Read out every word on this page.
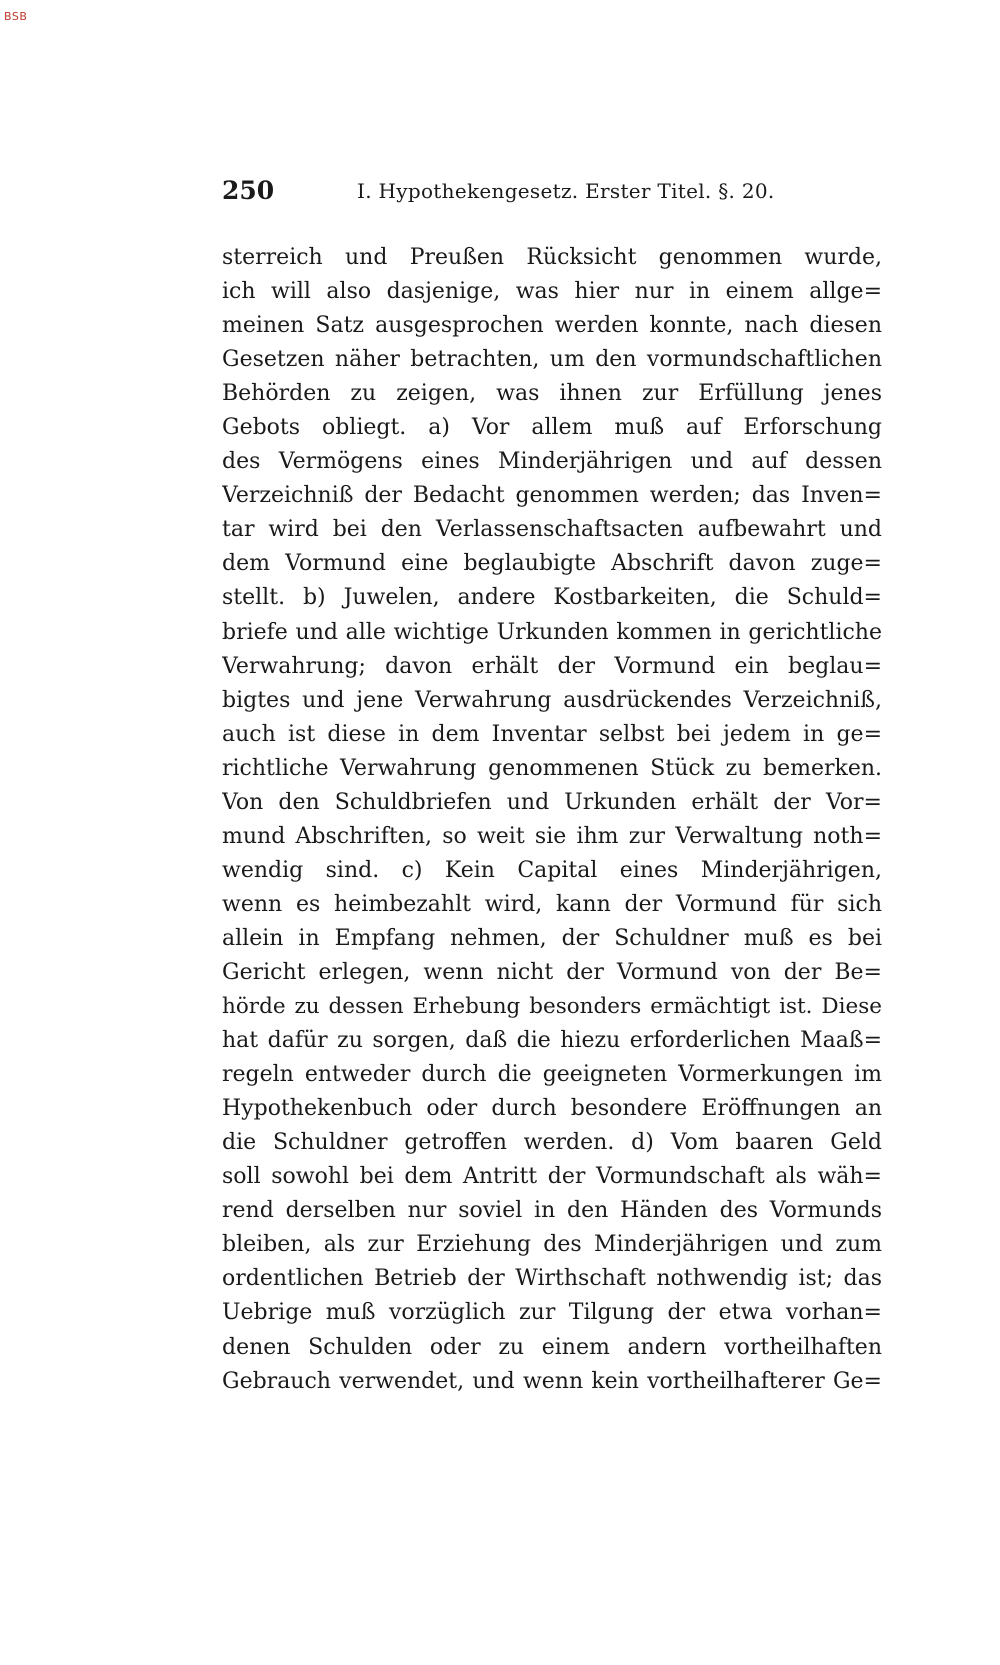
BSB
250	I. Hypothekengesetz. Erster Titel. §. 20.
sterreich und Preußen Rücksicht genommen wurde,
ich will also dasjenige, was hier nur in einem allge=
meinen Satz ausgesprochen werden konnte, nach diesen
Gesetzen näher betrachten, um den vormundschaftlichen
Behörden zu zeigen, was ihnen zur Erfüllung jenes
Gebots obliegt. a) Vor allem muß auf Erforschung
des Vermögens eines Minderjährigen und auf dessen
Verzeichniß der Bedacht genommen werden; das Inven=
tar wird bei den Verlassenschaftsacten aufbewahrt und
dem Vormund eine beglaubigte Abschrift davon zuge=
stellt. b) Juwelen, andere Kostbarkeiten, die Schuld=
briefe und alle wichtige Urkunden kommen in gerichtliche
Verwahrung; davon erhält der Vormund ein beglau=
bigtes und jene Verwahrung ausdrückendes Verzeichniß,
auch ist diese in dem Inventar selbst bei jedem in ge=
richtliche Verwahrung genommenen Stück zu bemerken.
Von den Schuldbriefen und Urkunden erhält der Vor=
mund Abschriften, so weit sie ihm zur Verwaltung noth=
wendig sind. c) Kein Capital eines Minderjährigen,
wenn es heimbezahlt wird, kann der Vormund für sich
allein in Empfang nehmen, der Schuldner muß es bei
Gericht erlegen, wenn nicht der Vormund von der Be=
hörde zu dessen Erhebung besonders ermächtigt ist. Diese
hat dafür zu sorgen, daß die hiezu erforderlichen Maaß=
regeln entweder durch die geeigneten Vormerkungen im
Hypothekenbuch oder durch besondere Eröffnungen an
die Schuldner getroffen werden. d) Vom baaren Geld
soll sowohl bei dem Antritt der Vormundschaft als wäh=
rend derselben nur soviel in den Händen des Vormunds
bleiben, als zur Erziehung des Minderjährigen und zum
ordentlichen Betrieb der Wirthschaft nothwendig ist; das
Uebrige muß vorzüglich zur Tilgung der etwa vorhan=
denen Schulden oder zu einem andern vortheilhaften
Gebrauch verwendet, und wenn kein vortheilhafterer Ge=
